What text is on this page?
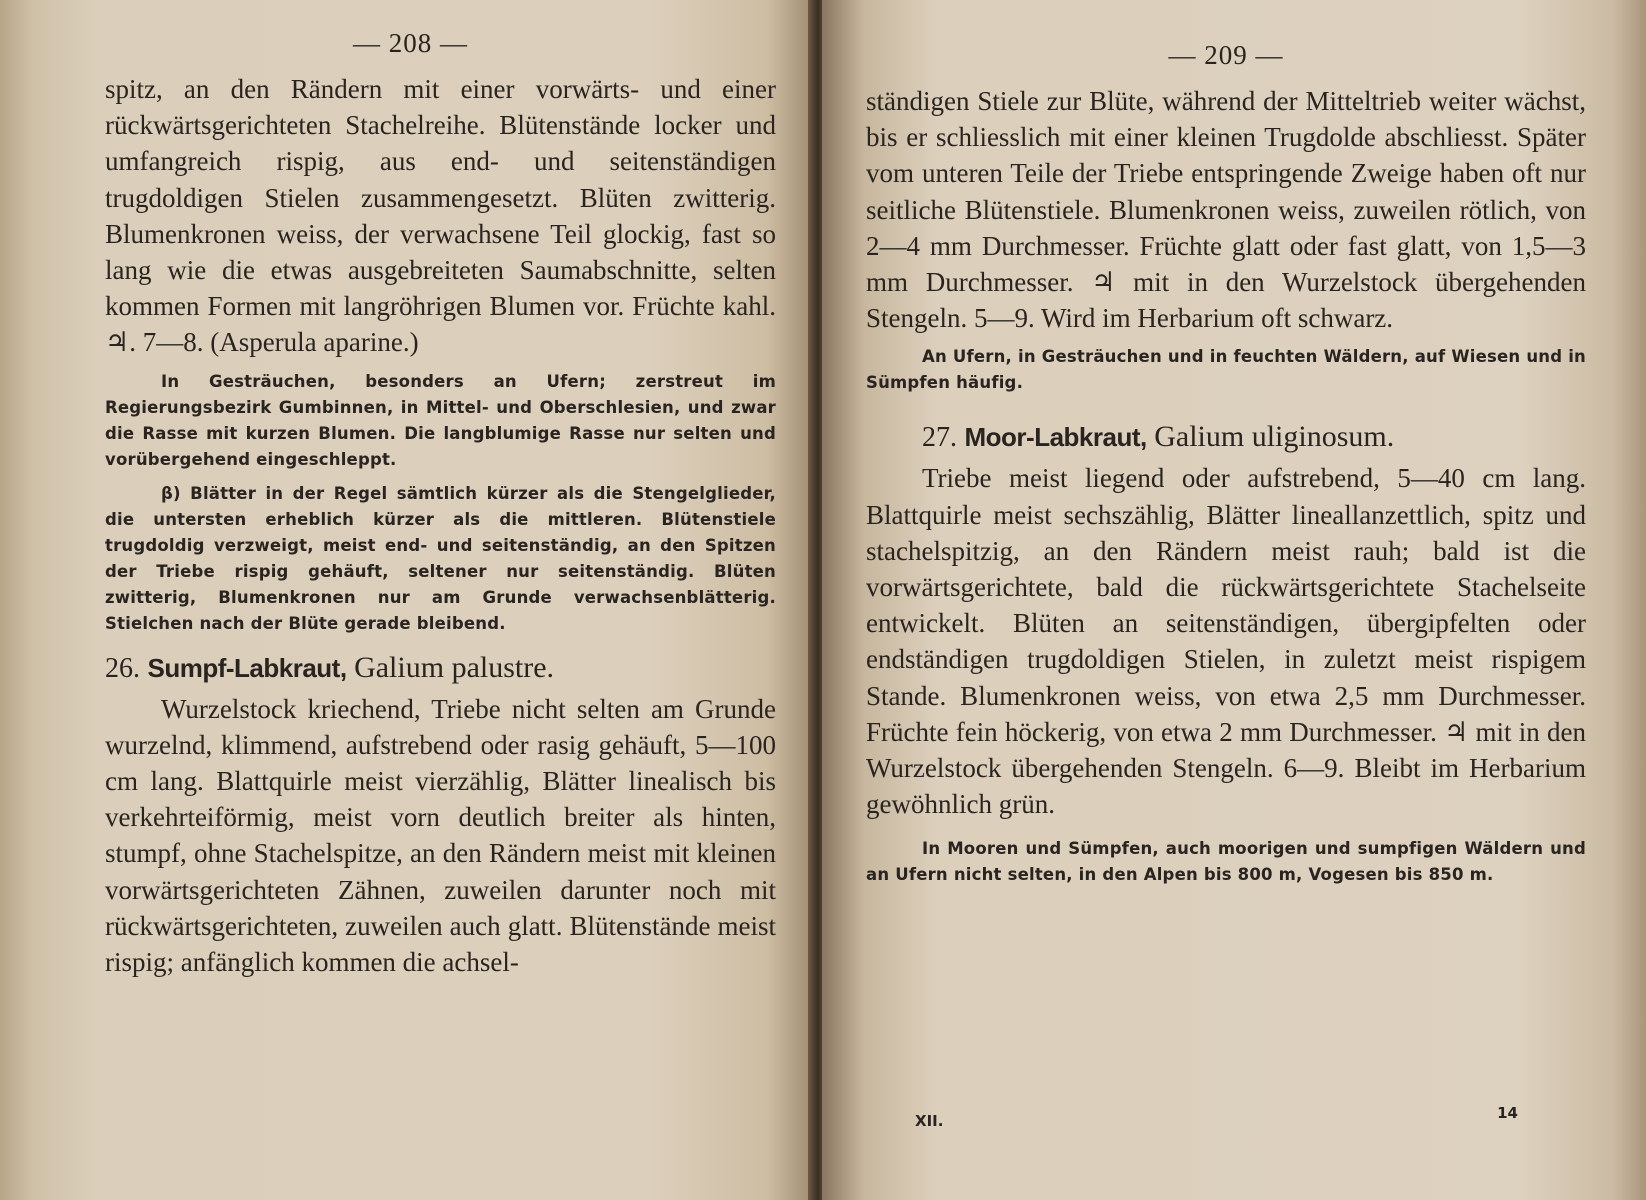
— 208 —

spitz, an den Rändern mit einer vorwärts- und einer rückwärtsgerichteten Stachelreihe. Blütenstände locker und umfangreich rispig, aus end- und seitenständigen trugdoldigen Stielen zusammengesetzt. Blüten zwitterig. Blumenkronen weiss, der verwachsene Teil glockig, fast so lang wie die etwas ausgebreiteten Saumabschnitte, selten kommen Formen mit langröhrigen Blumen vor. Früchte kahl. ♃. 7—8. (Asperula aparine.)

In Gesträuchen, besonders an Ufern; zerstreut im Regierungsbezirk Gumbinnen, in Mittel- und Oberschlesien, und zwar die Rasse mit kurzen Blumen. Die langblumige Rasse nur selten und vorübergehend eingeschleppt.

β) Blätter in der Regel sämtlich kürzer als die Stengelglieder, die untersten erheblich kürzer als die mittleren. Blütenstiele trugdoldig verzweigt, meist end- und seitenständig, an den Spitzen der Triebe rispig gehäuft, seltener nur seitenständig. Blüten zwitterig, Blumenkronen nur am Grunde verwachsenblätterig. Stielchen nach der Blüte gerade bleibend.

26. Sumpf-Labkraut, Galium palustre.

Wurzelstock kriechend, Triebe nicht selten am Grunde wurzelnd, klimmend, aufstrebend oder rasig gehäuft, 5—100 cm lang. Blattquirle meist vierzählig, Blätter linealisch bis verkehrteiförmig, meist vorn deutlich breiter als hinten, stumpf, ohne Stachelspitze, an den Rändern meist mit kleinen vorwärtsgerichteten Zähnen, zuweilen darunter noch mit rückwärtsgerichteten, zuweilen auch glatt. Blütenstände meist rispig; anfänglich kommen die achsel-

— 209 —

ständigen Stiele zur Blüte, während der Mitteltrieb weiter wächst, bis er schliesslich mit einer kleinen Trugdolde abschliesst. Später vom unteren Teile der Triebe entspringende Zweige haben oft nur seitliche Blütenstiele. Blumenkronen weiss, zuweilen rötlich, von 2—4 mm Durchmesser. Früchte glatt oder fast glatt, von 1,5—3 mm Durchmesser. ♃ mit in den Wurzelstock übergehenden Stengeln. 5—9. Wird im Herbarium oft schwarz.

An Ufern, in Gesträuchen und in feuchten Wäldern, auf Wiesen und in Sümpfen häufig.

27. Moor-Labkraut, Galium uliginosum.

Triebe meist liegend oder aufstrebend, 5—40 cm lang. Blattquirle meist sechszählig, Blätter lineallanzettlich, spitz und stachelspitzig, an den Rändern meist rauh; bald ist die vorwärtsgerichtete, bald die rückwärtsgerichtete Stachelseite entwickelt. Blüten an seitenständigen, übergipfelten oder endständigen trugdoldigen Stielen, in zuletzt meist rispigem Stande. Blumenkronen weiss, von etwa 2,5 mm Durchmesser. Früchte fein höckerig, von etwa 2 mm Durchmesser. ♃ mit in den Wurzelstock übergehenden Stengeln. 6—9. Bleibt im Herbarium gewöhnlich grün.

In Mooren und Sümpfen, auch moorigen und sumpfigen Wäldern und an Ufern nicht selten, in den Alpen bis 800 m, Vogesen bis 850 m.

XII.	14
